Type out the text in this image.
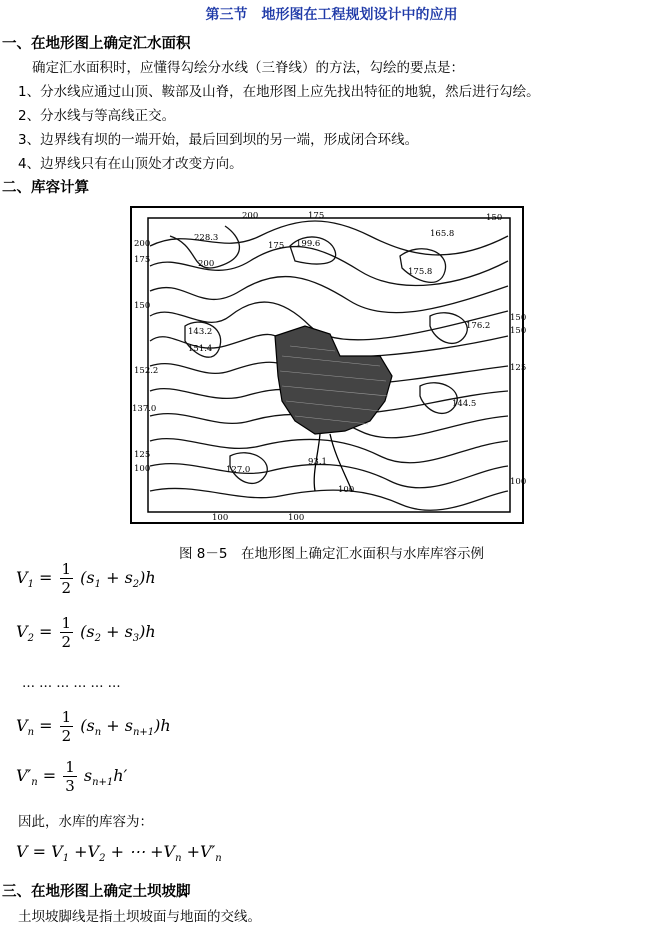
第三节　地形图在工程规划设计中的应用
一、在地形图上确定汇水面积
确定汇水面积时，应懂得勾绘分水线（三脊线）的方法，勾绘的要点是：
1、分水线应通过山顶、鞍部及山脊，在地形图上应先找出特征的地貌，然后进行勾绘。
2、分水线与等高线正交。
3、边界线有坝的一端开始，最后回到坝的另一端，形成闭合环线。
4、边界线只有在山顶处才改变方向。
二、库容计算
200	175	150
200
175
150
152.2
137.0
125
100
150
150
125
100
100	100
228.3
200
175 199.6
165.8
175.8
176.2
143.2
151.4
144.5
93.1
127.0
100
图 8－5　在地形图上确定汇水面积与水库库容示例
$V_1 = \frac{1}{2} (s_1 + s_2)h$
$V_2 = \frac{1}{2} (s_2 + s_3)h$
… … … … … …
$V_n = \frac{1}{2} (s_n + s_{n+1})h$
$V'_n = \frac{1}{3} s_{n+1}h'$
因此，水库的库容为：
$V = V_1 +V_2$ + ⋯ $+V_n +V'_n$
三、在地形图上确定土坝坡脚
土坝坡脚线是指土坝坡面与地面的交线。
